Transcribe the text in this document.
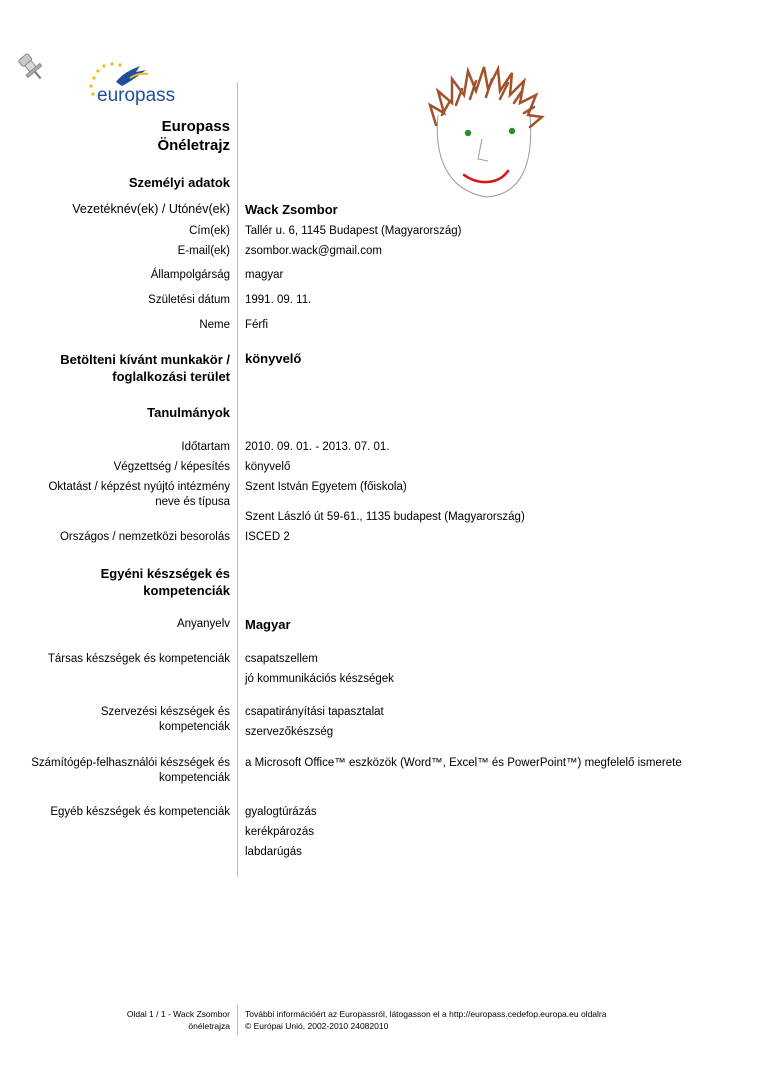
europass
Europass
Önéletrajz
Személyi adatok
Vezetéknév(ek) / Utónév(ek) Wack Zsombor
Cím(ek) Tallér u. 6, 1145 Budapest (Magyarország)
E-mail(ek) zsombor.wack@gmail.com
Állampolgárság magyar
Születési dátum 1991. 09. 11.
Neme Férfi
Betölteni kívánt munkakör / foglalkozási terület
könyvelő
Tanulmányok
Időtartam 2010. 09. 01. - 2013. 07. 01.
Végzettség / képesítés könyvelő
Oktatást / képzést nyújtó intézmény neve és típusa
Szent István Egyetem (főiskola)
Szent László út 59-61., 1135 budapest (Magyarország)
Országos / nemzetközi besorolás ISCED 2
Egyéni készségek és kompetenciák
Anyanyelv Magyar
Társas készségek és kompetenciák csapatszellem
jó kommunikációs készségek
Szervezési készségek és kompetenciák
csapatirányítási tapasztalat
szervezőkészség
Számítógép-felhasználói készségek és kompetenciák
a Microsoft Office™ eszközök (Word™, Excel™ és PowerPoint™) megfelelő ismerete
Egyéb készségek és kompetenciák gyalogtúrázás
kerékpározás
labdarúgás
Oldal 1 / 1 - Wack Zsombor
önéletrajza
További információért az Europassról, látogasson el a http://europass.cedefop.europa.eu oldalra
© Európai Unió, 2002-2010 24082010
